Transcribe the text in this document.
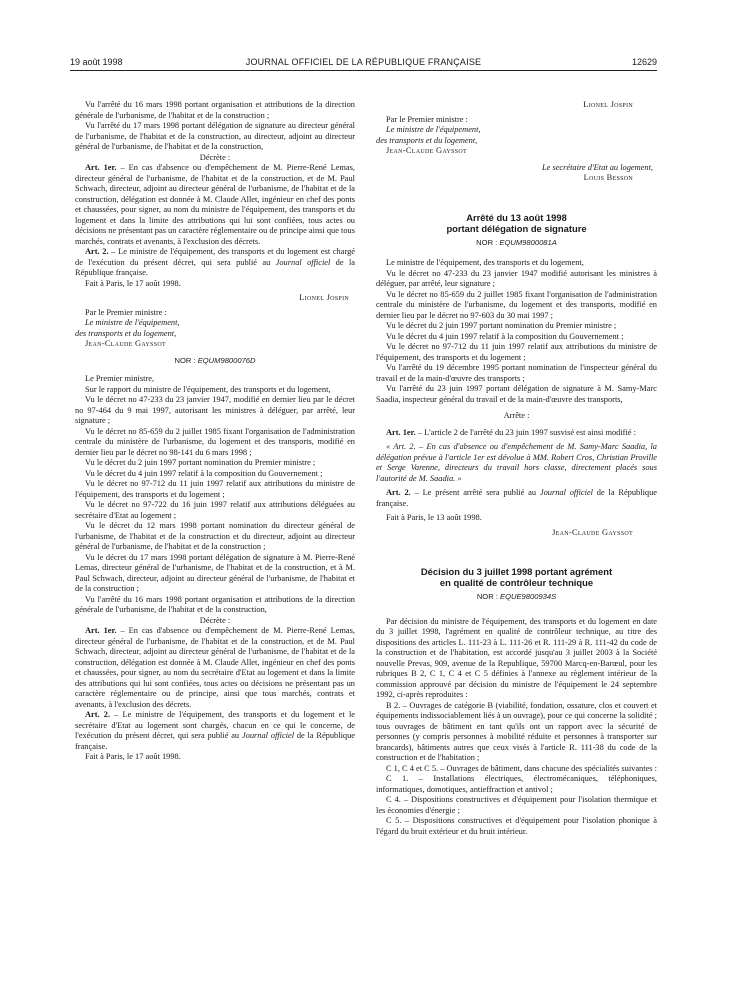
19 août 1998	JOURNAL OFFICIEL DE LA RÉPUBLIQUE FRANÇAISE	12629

Vu l'arrêté du 16 mars 1998 portant organisation et attributions de la direction générale de l'urbanisme, de l'habitat et de la construction ;

Vu l'arrêté du 17 mars 1998 portant délégation de signature au directeur général de l'urbanisme, de l'habitat et de la construction, au directeur, adjoint au directeur général de l'urbanisme, de l'habitat et de la construction,

Décrète :

Art. 1er. – En cas d'absence ou d'empêchement de M. Pierre-René Lemas, directeur général de l'urbanisme, de l'habitat et de la construction, et de M. Paul Schwach, directeur, adjoint au directeur général de l'urbanisme, de l'habitat et de la construction, délégation est donnée à M. Claude Allet, ingénieur en chef des ponts et chaussées, pour signer, au nom du ministre de l'équipement, des transports et du logement et dans la limite des attributions qui lui sont confiées, tous actes ou décisions ne présentant pas un caractère réglementaire ou de principe ainsi que tous marchés, contrats et avenants, à l'exclusion des décrets.

Art. 2. – Le ministre de l'équipement, des transports et du logement est chargé de l'exécution du présent décret, qui sera publié au Journal officiel de la République française.

Fait à Paris, le 17 août 1998.

Lionel Jospin

Par le Premier ministre :

Le ministre de l'équipement,

des transports et du logement,

Jean-Claude Gayssot

NOR : EQUM9800076D

Le Premier ministre,

Sur le rapport du ministre de l'équipement, des transports et du logement,

Vu le décret no 47-233 du 23 janvier 1947, modifié en dernier lieu par le décret no 97-464 du 9 mai 1997, autorisant les ministres à déléguer, par arrêté, leur signature ;

Vu le décret no 85-659 du 2 juillet 1985 fixant l'organisation de l'administration centrale du ministère de l'urbanisme, du logement et des transports, modifié en dernier lieu par le décret no 98-141 du 6 mars 1998 ;

Vu le décret du 2 juin 1997 portant nomination du Premier ministre ;

Vu le décret du 4 juin 1997 relatif à la composition du Gouvernement ;

Vu le décret no 97-712 du 11 juin 1997 relatif aux attributions du ministre de l'équipement, des transports et du logement ;

Vu le décret no 97-722 du 16 juin 1997 relatif aux attributions déléguées au secrétaire d'Etat au logement ;

Vu le décret du 12 mars 1998 portant nomination du directeur général de l'urbanisme, de l'habitat et de la construction et du directeur, adjoint au directeur général de l'urbanisme, de l'habitat et de la construction ;

Vu le décret du 17 mars 1998 portant délégation de signature à M. Pierre-René Lemas, directeur général de l'urbanisme, de l'habitat et de la construction, et à M. Paul Schwach, directeur, adjoint au directeur général de l'urbanisme, de l'habitat et de la construction ;

Vu l'arrêté du 16 mars 1998 portant organisation et attributions de la direction générale de l'urbanisme, de l'habitat et de la construction,

Décrète :

Art. 1er. – En cas d'absence ou d'empêchement de M. Pierre-René Lemas, directeur général de l'urbanisme, de l'habitat et de la construction, et de M. Paul Schwach, directeur, adjoint au directeur général de l'urbanisme, de l'habitat et de la construction, délégation est donnée à M. Claude Allet, ingénieur en chef des ponts et chaussées, pour signer, au nom du secrétaire d'Etat au logement et dans la limite des attributions qui lui sont confiées, tous actes ou décisions ne présentant pas un caractère réglementaire ou de principe, ainsi que tous marchés, contrats et avenants, à l'exclusion des décrets.

Art. 2. – Le ministre de l'équipement, des transports et du logement et le secrétaire d'Etat au logement sont chargés, chacun en ce qui le concerne, de l'exécution du présent décret, qui sera publié au Journal officiel de la République française.

Fait à Paris, le 17 août 1998.

Lionel Jospin

Par le Premier ministre :

Le ministre de l'équipement,

des transports et du logement,

Jean-Claude Gayssot

Le secrétaire d'Etat au logement,

Louis Besson

Arrêté du 13 août 1998

portant délégation de signature

NOR : EQUM9800081A

Le ministre de l'équipement, des transports et du logement,

Vu le décret no 47-233 du 23 janvier 1947 modifié autorisant les ministres à déléguer, par arrêté, leur signature ;

Vu le décret no 85-659 du 2 juillet 1985 fixant l'organisation de l'administration centrale du ministère de l'urbanisme, du logement et des transports, modifié en dernier lieu par le décret no 97-603 du 30 mai 1997 ;

Vu le décret du 2 juin 1997 portant nomination du Premier ministre ;

Vu le décret du 4 juin 1997 relatif à la composition du Gouvernement ;

Vu le décret no 97-712 du 11 juin 1997 relatif aux attributions du ministre de l'équipement, des transports et du logement ;

Vu l'arrêté du 19 décembre 1995 portant nomination de l'inspecteur général du travail et de la main-d'œuvre des transports ;

Vu l'arrêté du 23 juin 1997 portant délégation de signature à M. Samy-Marc Saadia, inspecteur général du travail et de la main-d'œuvre des transports,

Arrête :

Art. 1er. – L'article 2 de l'arrêté du 23 juin 1997 susvisé est ainsi modifié :

« Art. 2. – En cas d'absence ou d'empêchement de M. Samy-Marc Saadia, la délégation prévue à l'article 1er est dévolue à MM. Robert Cros, Christian Proville et Serge Varenne, directeurs du travail hors classe, directement placés sous l'autorité de M. Saadia. »

Art. 2. – Le présent arrêté sera publié au Journal officiel de la République française.

Fait à Paris, le 13 août 1998.

Jean-Claude Gayssot

Décision du 3 juillet 1998 portant agrément

en qualité de contrôleur technique

NOR : EQUE9800934S

Par décision du ministre de l'équipement, des transports et du logement en date du 3 juillet 1998, l'agrément en qualité de contrôleur technique, au titre des dispositions des articles L. 111-23 à L. 111-26 et R. 111-29 à R. 111-42 du code de la construction et de l'habitation, est accordé jusqu'au 3 juillet 2003 à la Société nouvelle Prevas, 909, avenue de la Republique, 59700 Marcq-en-Barœul, pour les rubriques B 2, C 1, C 4 et C 5 définies à l'annexe au règlement intérieur de la commission approuvé par décision du ministre de l'équipement le 24 septembre 1992, ci-après reproduites :

B 2. – Ouvrages de catégorie B (viabilité, fondation, ossature, clos et couvert et équipements indissociablement liés à un ouvrage), pour ce qui concerne la solidité ; tous ouvrages de bâtiment en tant qu'ils ont un rapport avec la sécurité de personnes (y compris personnes à mobilité réduite et personnes à transporter sur brancards), bâtiments autres que ceux visés à l'article R. 111-38 du code de la construction et de l'habitation ;

C 1, C 4 et C 5. – Ouvrages de bâtiment, dans chacune des spécialités suivantes :

C 1. – Installations électriques, électromécaniques, téléphoniques, informatiques, domotiques, antieffraction et antivol ;

C 4. – Dispositions constructives et d'équipement pour l'isolation thermique et les économies d'énergie ;

C 5. – Dispositions constructives et d'équipement pour l'isolation phonique à l'égard du bruit extérieur et du bruit intérieur.
